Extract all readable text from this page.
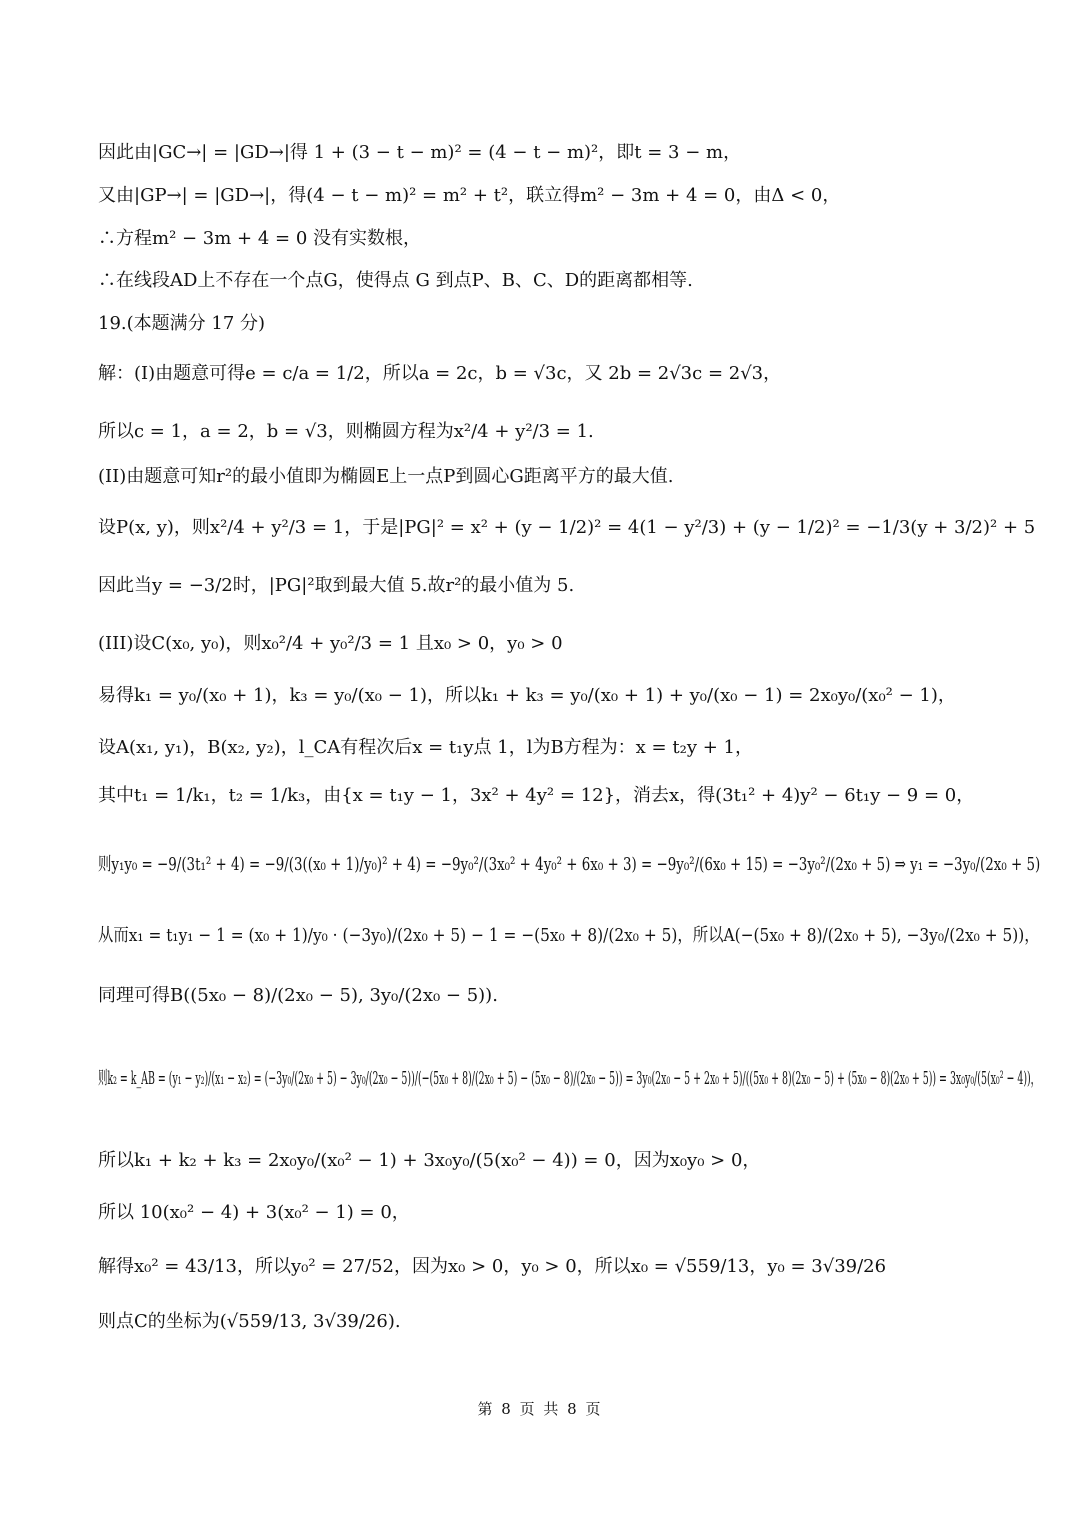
因此由|GC→| = |GD→|得 1 + (3 − t − m)² = (4 − t − m)²，即t = 3 − m，
又由|GP→| = |GD→|，得(4 − t − m)² = m² + t²，联立得m² − 3m + 4 = 0，由Δ < 0，
∴方程m² − 3m + 4 = 0 没有实数根，
∴在线段AD上不存在一个点G，使得点 G 到点P、B、C、D的距离都相等.
19.(本题满分 17 分)
解：(I)由题意可得e = c/a = 1/2，所以a = 2c，b = √3c，又 2b = 2√3c = 2√3，
所以c = 1，a = 2，b = √3，则椭圆方程为x²/4 + y²/3 = 1.
(II)由题意可知r²的最小值即为椭圆E上一点P到圆心G距离平方的最大值.
设P(x, y)，则x²/4 + y²/3 = 1，于是|PG|² = x² + (y − 1/2)² = 4(1 − y²/3) + (y − 1/2)² = −1/3(y + 3/2)² + 5
因此当y = −3/2时，|PG|²取到最大值 5.故r²的最小值为 5.
(III)设C(x₀, y₀)，则x₀²/4 + y₀²/3 = 1 且x₀ > 0，y₀ > 0
易得k₁ = y₀/(x₀ + 1)，k₃ = y₀/(x₀ − 1)，所以k₁ + k₃ = y₀/(x₀ + 1) + y₀/(x₀ − 1) = 2x₀y₀/(x₀² − 1)，
设A(x₁, y₁)，B(x₂, y₂)，l_CA有程次后x = t₁y点 1，l为B方程为：x = t₂y + 1，
其中t₁ = 1/k₁，t₂ = 1/k₃，由{x = t₁y − 1，3x² + 4y² = 12}，消去x，得(3t₁² + 4)y² − 6t₁y − 9 = 0，
则y₁y₀ = −9/(3t₁² + 4) = −9/(3((x₀ + 1)/y₀)² + 4) = −9y₀²/(3x₀² + 4y₀² + 6x₀ + 3) = −9y₀²/(6x₀ + 15) = −3y₀²/(2x₀ + 5) ⇒ y₁ = −3y₀/(2x₀ + 5)
从而x₁ = t₁y₁ − 1 = (x₀ + 1)/y₀ · (−3y₀)/(2x₀ + 5) − 1 = −(5x₀ + 8)/(2x₀ + 5)，所以A(−(5x₀ + 8)/(2x₀ + 5), −3y₀/(2x₀ + 5))，
同理可得B((5x₀ − 8)/(2x₀ − 5), 3y₀/(2x₀ − 5)).
则k₂ = k_AB = (y₁ − y₂)/(x₁ − x₂) = (−3y₀/(2x₀ + 5) − 3y₀/(2x₀ − 5))/(−(5x₀ + 8)/(2x₀ + 5) − (5x₀ − 8)/(2x₀ − 5)) = 3y₀(2x₀ − 5 + 2x₀ + 5)/((5x₀ + 8)(2x₀ − 5) + (5x₀ − 8)(2x₀ + 5)) = 3x₀y₀/(5(x₀² − 4))，
所以k₁ + k₂ + k₃ = 2x₀y₀/(x₀² − 1) + 3x₀y₀/(5(x₀² − 4)) = 0，因为x₀y₀ > 0，
所以 10(x₀² − 4) + 3(x₀² − 1) = 0，
解得x₀² = 43/13，所以y₀² = 27/52，因为x₀ > 0，y₀ > 0，所以x₀ = √559/13，y₀ = 3√39/26
则点C的坐标为(√559/13, 3√39/26).
第 8 页 共 8 页
